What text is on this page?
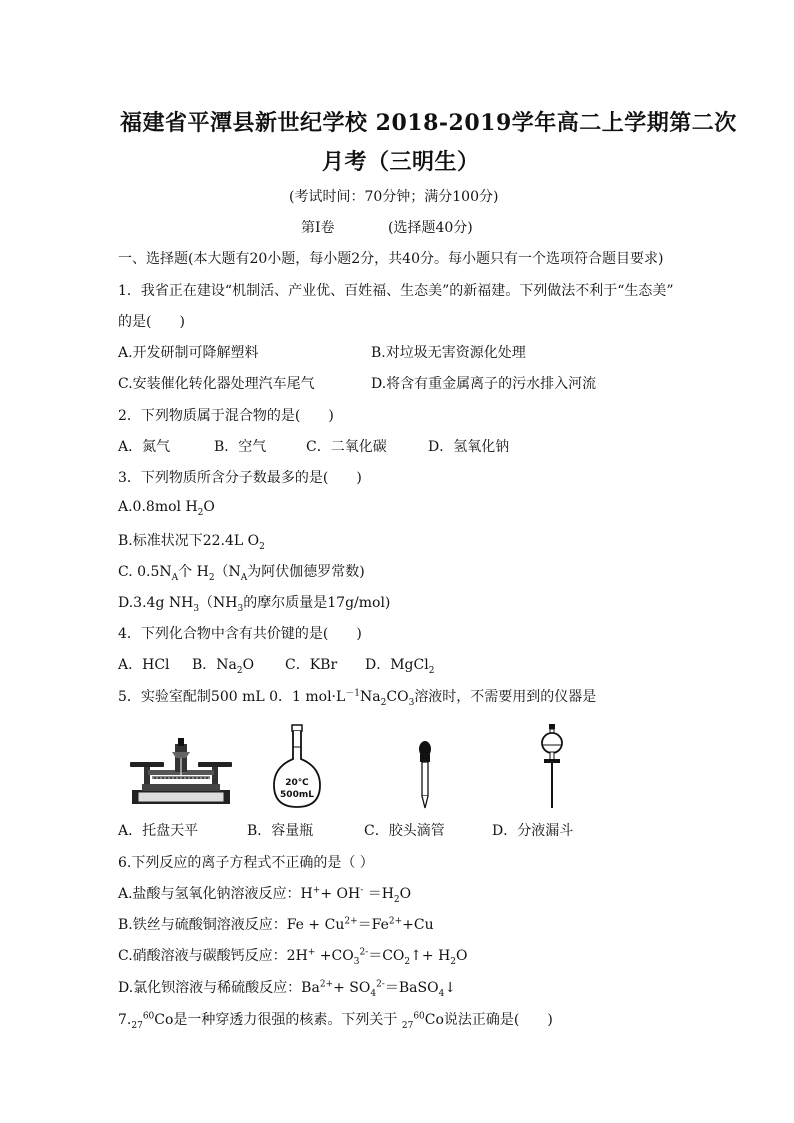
福建省平潭县新世纪学校 2018-2019学年高二上学期第二次
月考（三明生）
(考试时间：70分钟；满分100分)
第Ⅰ卷	(选择题40分)
一、选择题(本大题有20小题，每小题2分，共40分。每小题只有一个选项符合题目要求)
1．我省正在建设“机制活、产业优、百姓福、生态美”的新福建。下列做法不利于“生态美”
的是(　　)
A.开发研制可降解塑料	B.对垃圾无害资源化处理
C.安装催化转化器处理汽车尾气	D.将含有重金属离子的污水排入河流
2．下列物质属于混合物的是(　　)
A．氮气	B．空气	C．二氧化碳	D．氢氧化钠
3．下列物质所含分子数最多的是(　　)
A.0.8mol $H_2O$
B.标准状况下22.4L $O_2$
C. $0.5N_A$个 $H_2(N_A$为阿伏伽德罗常数)
D.3.4g $NH_3(NH_3$的摩尔质量是17g/mol)
4．下列化合物中含有共价键的是(　　)
A．HCl B．$Na_2O$ C．KBr D．MgCl$_2$
5．实验室配制500 mL 0．1 $mol\cdot L^{-1}Na_2CO_3$溶液时，不需要用到的仪器是
20℃
500mL
A．托盘天平	B．容量瓶	C．胶头滴管	D．分液漏斗
6.下列反应的离子方程式不正确的是（ ）
A.盐酸与氢氧化钠溶液反应：$H^++ OH^- =H_2O$
B.铁丝与硫酸铜溶液反应：$Fe + Cu^{2+}=Fe^{2+}+Cu$
C.硝酸溶液与碳酸钙反应：$2H^+ +CO_3^{2-}=CO_2↑+ H_2O$
D.氯化钡溶液与稀硫酸反应：$Ba^{2+}+$ $SO_4^{2-}=BaSO_4↓$
$7._{27}60Co$是一种穿透力很强的核素。下列关于 $_{27}^{60}$Co说法正确是(　　)
